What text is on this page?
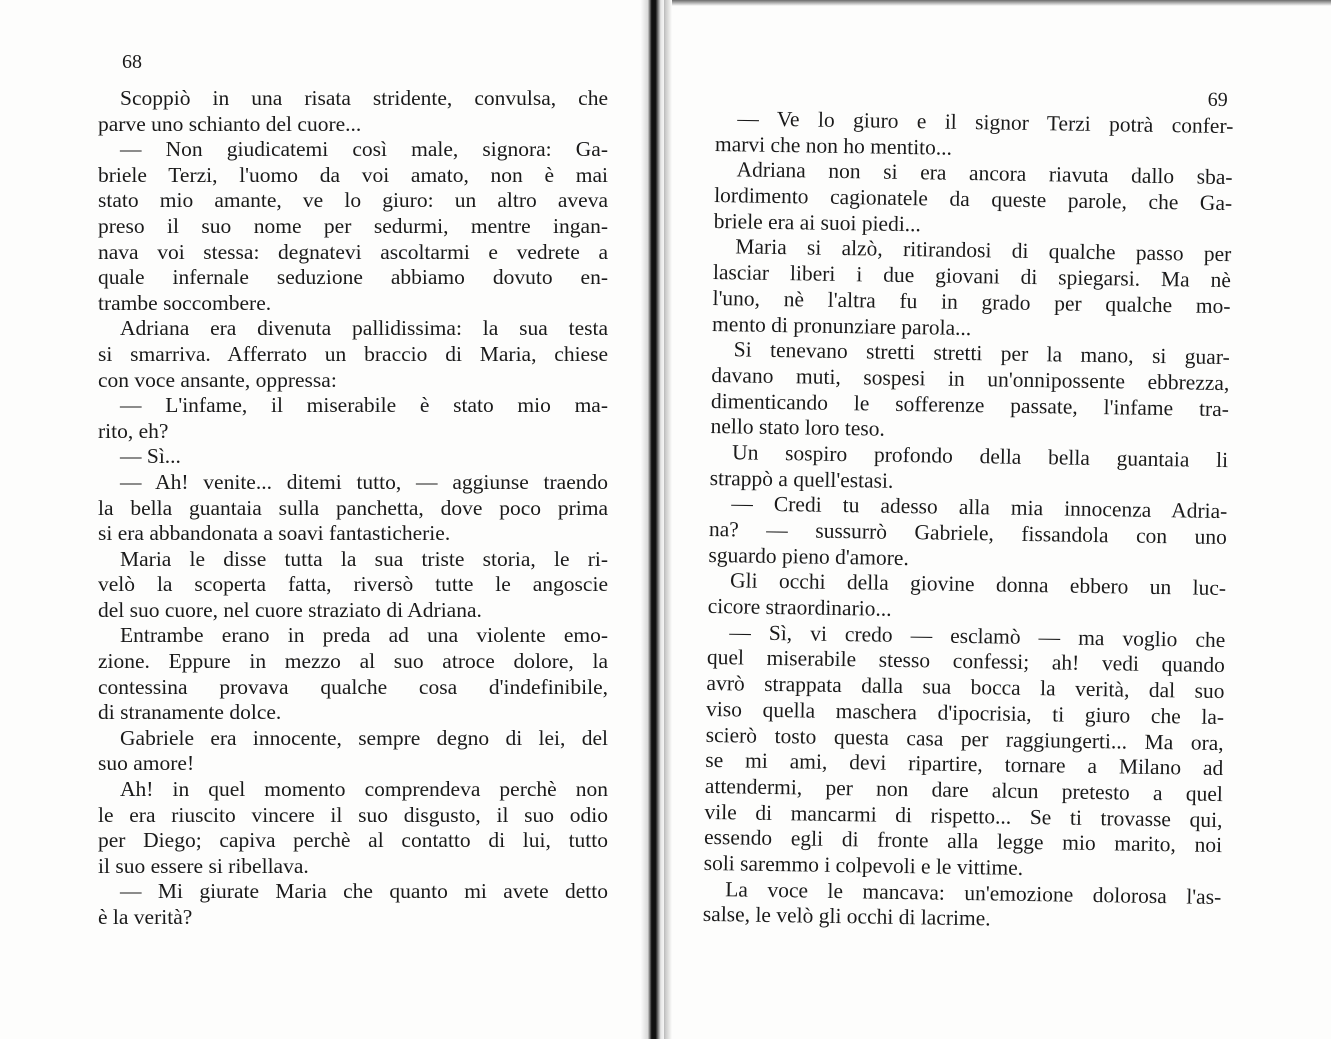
68
Scoppiò in una risata stridente, convulsa, che
parve uno schianto del cuore...
— Non giudicatemi così male, signora: Ga-
briele Terzi, l'uomo da voi amato, non è mai
stato mio amante, ve lo giuro: un altro aveva
preso il suo nome per sedurmi, mentre ingan-
nava voi stessa: degnatevi ascoltarmi e vedrete a
quale infernale seduzione abbiamo dovuto en-
trambe soccombere.
Adriana era divenuta pallidissima: la sua testa
si smarriva. Afferrato un braccio di Maria, chiese
con voce ansante, oppressa:
— L'infame, il miserabile è stato mio ma-
rito, eh?
— Sì...
— Ah! venite... ditemi tutto, — aggiunse traendo
la bella guantaia sulla panchetta, dove poco prima
si era abbandonata a soavi fantasticherie.
Maria le disse tutta la sua triste storia, le ri-
velò la scoperta fatta, riversò tutte le angoscie
del suo cuore, nel cuore straziato di Adriana.
Entrambe erano in preda ad una violente emo-
zione. Eppure in mezzo al suo atroce dolore, la
contessina provava qualche cosa d'indefinibile,
di stranamente dolce.
Gabriele era innocente, sempre degno di lei, del
suo amore!
Ah! in quel momento comprendeva perchè non
le era riuscito vincere il suo disgusto, il suo odio
per Diego; capiva perchè al contatto di lui, tutto
il suo essere si ribellava.
— Mi giurate Maria che quanto mi avete detto
è la verità?
69
— Ve lo giuro e il signor Terzi potrà confer-
marvi che non ho mentito...
Adriana non si era ancora riavuta dallo sba-
lordimento cagionatele da queste parole, che Ga-
briele era ai suoi piedi...
Maria si alzò, ritirandosi di qualche passo per
lasciar liberi i due giovani di spiegarsi. Ma nè
l'uno, nè l'altra fu in grado per qualche mo-
mento di pronunziare parola...
Si tenevano stretti stretti per la mano, si guar-
davano muti, sospesi in un'onnipossente ebbrezza,
dimenticando le sofferenze passate, l'infame tra-
nello stato loro teso.
Un sospiro profondo della bella guantaia li
strappò a quell'estasi.
— Credi tu adesso alla mia innocenza Adria-
na? — sussurrò Gabriele, fissandola con uno
sguardo pieno d'amore.
Gli occhi della giovine donna ebbero un luc-
cicore straordinario...
— Sì, vi credo — esclamò — ma voglio che
quel miserabile stesso confessi; ah! vedi quando
avrò strappata dalla sua bocca la verità, dal suo
viso quella maschera d'ipocrisia, ti giuro che la-
scierò tosto questa casa per raggiungerti... Ma ora,
se mi ami, devi ripartire, tornare a Milano ad
attendermi, per non dare alcun pretesto a quel
vile di mancarmi di rispetto... Se ti trovasse qui,
essendo egli di fronte alla legge mio marito, noi
soli saremmo i colpevoli e le vittime.
La voce le mancava: un'emozione dolorosa l'as-
salse, le velò gli occhi di lacrime.
